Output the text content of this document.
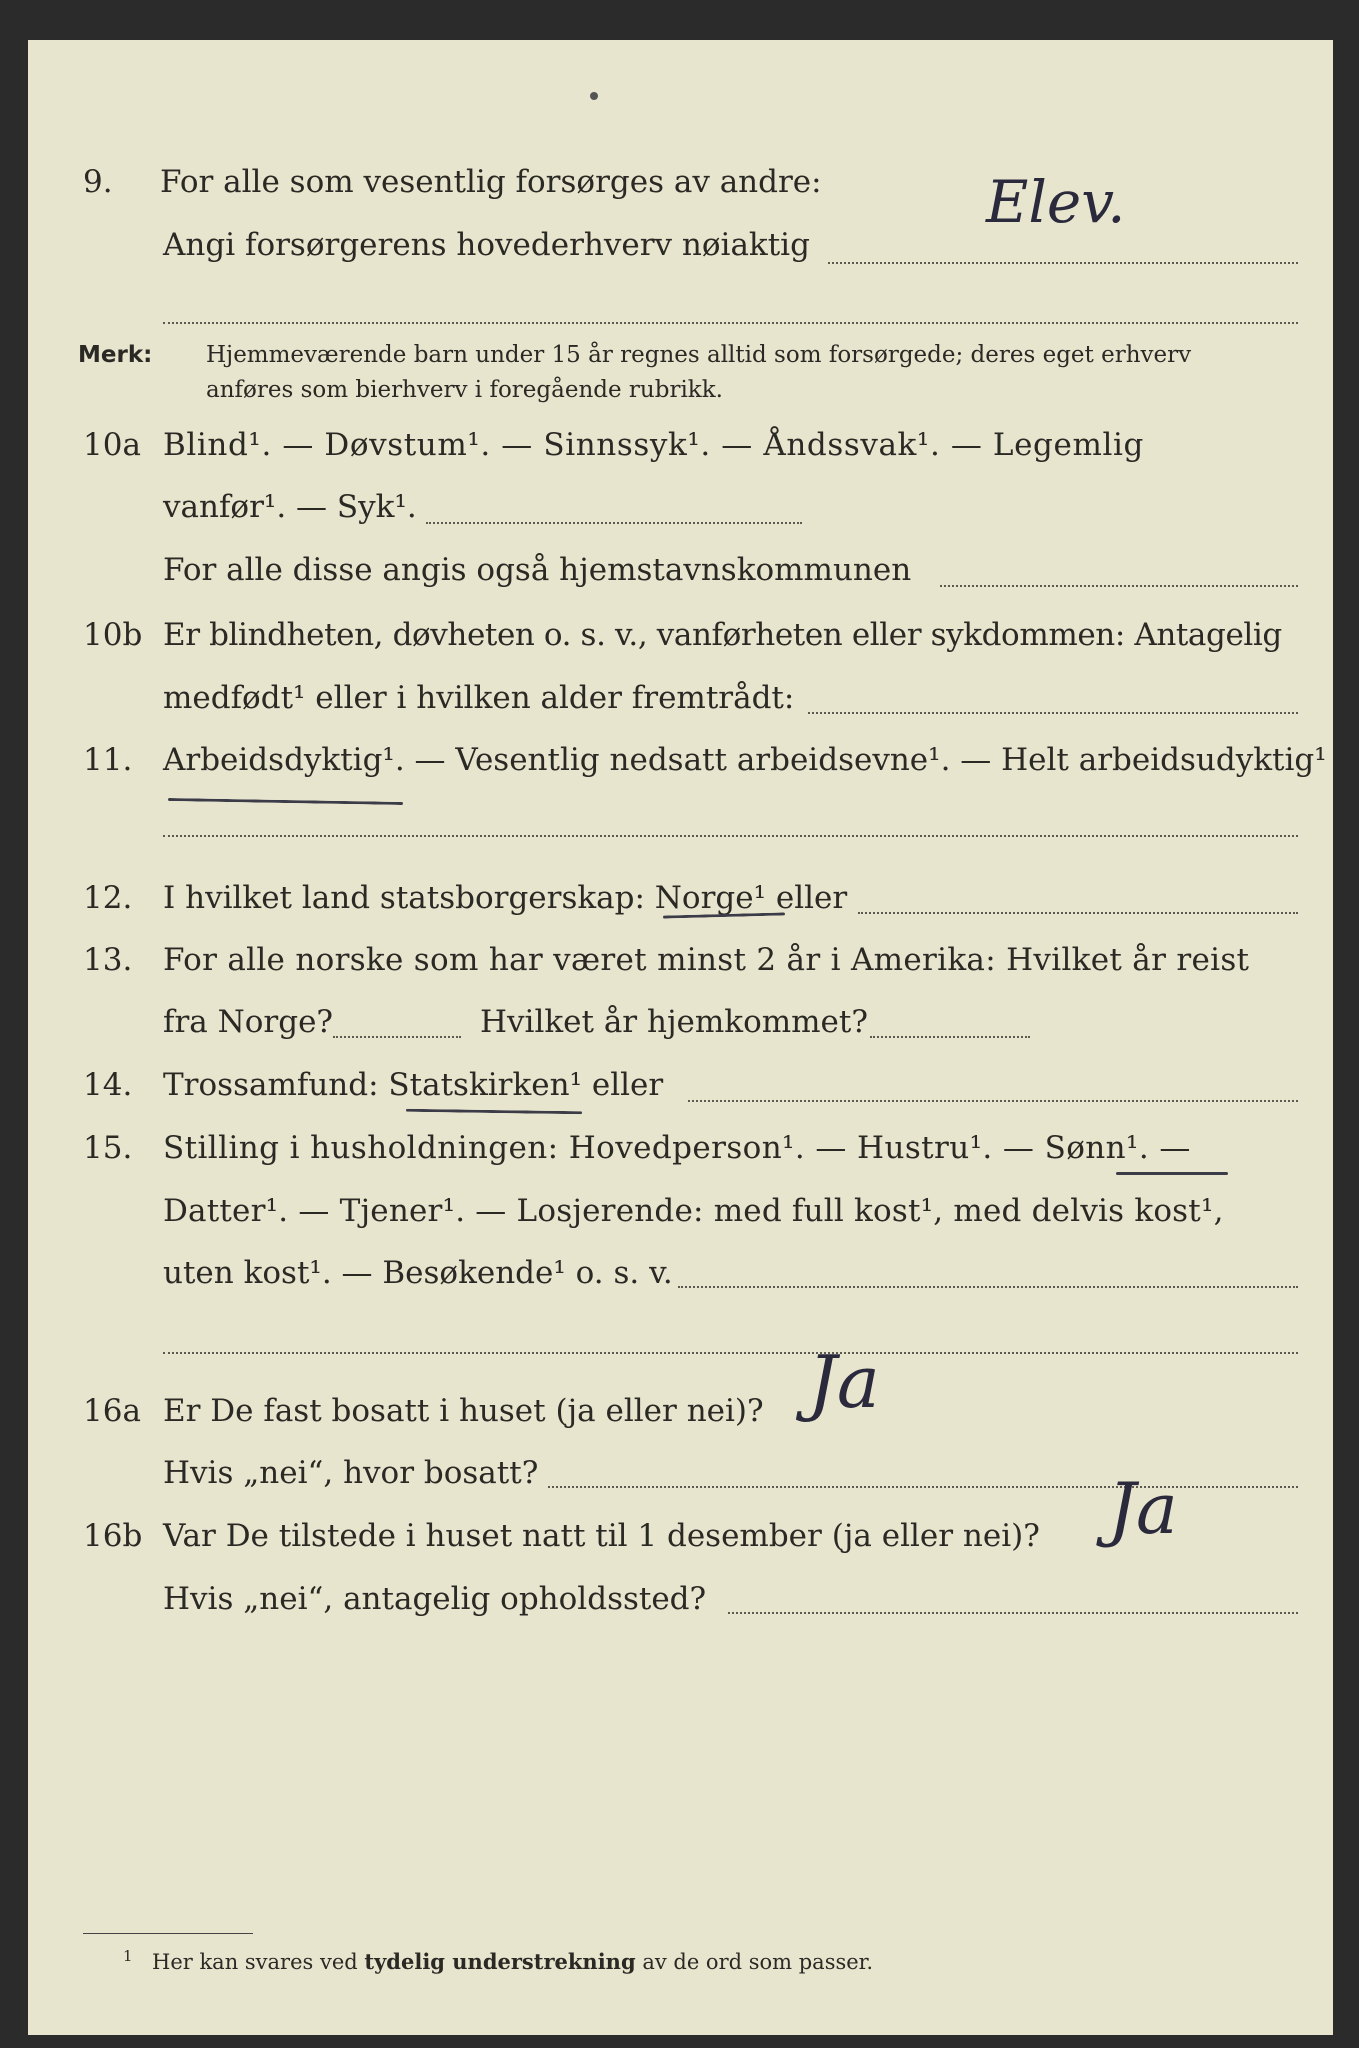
9. For alle som vesentlig forsørges av andre:
Angi forsørgerens hovederhverv nøiaktig
Elev.
Merk: Hjemmeværende barn under 15 år regnes alltid som forsørgede; deres eget erhverv
anføres som bierhverv i foregående rubrikk.
10a Blind¹. — Døvstum¹. — Sinnssyk¹. — Åndssvak¹. — Legemlig
vanfør¹. — Syk¹.
For alle disse angis også hjemstavnskommunen
10b Er blindheten, døvheten o. s. v., vanførheten eller sykdommen: Antagelig
medfødt¹ eller i hvilken alder fremtrådt:
11. Arbeidsdyktig¹. — Vesentlig nedsatt arbeidsevne¹. — Helt arbeidsudyktig¹
12. I hvilket land statsborgerskap: Norge¹ eller
13. For alle norske som har været minst 2 år i Amerika: Hvilket år reist
fra Norge?	Hvilket år hjemkommet?
14. Trossamfund: Statskirken¹ eller
15. Stilling i husholdningen: Hovedperson¹. — Hustru¹. — Sønn¹. —
Datter¹. — Tjener¹. — Losjerende: med full kost¹, med delvis kost¹,
uten kost¹. — Besøkende¹ o. s. v.
16a Er De fast bosatt i huset (ja eller nei)? Ja
Hvis „nei“, hvor bosatt?
16b Var De tilstede i huset natt til 1 desember (ja eller nei)? Ja
Hvis „nei“, antagelig opholdssted?
1 Her kan svares ved tydelig understrekning av de ord som passer.
